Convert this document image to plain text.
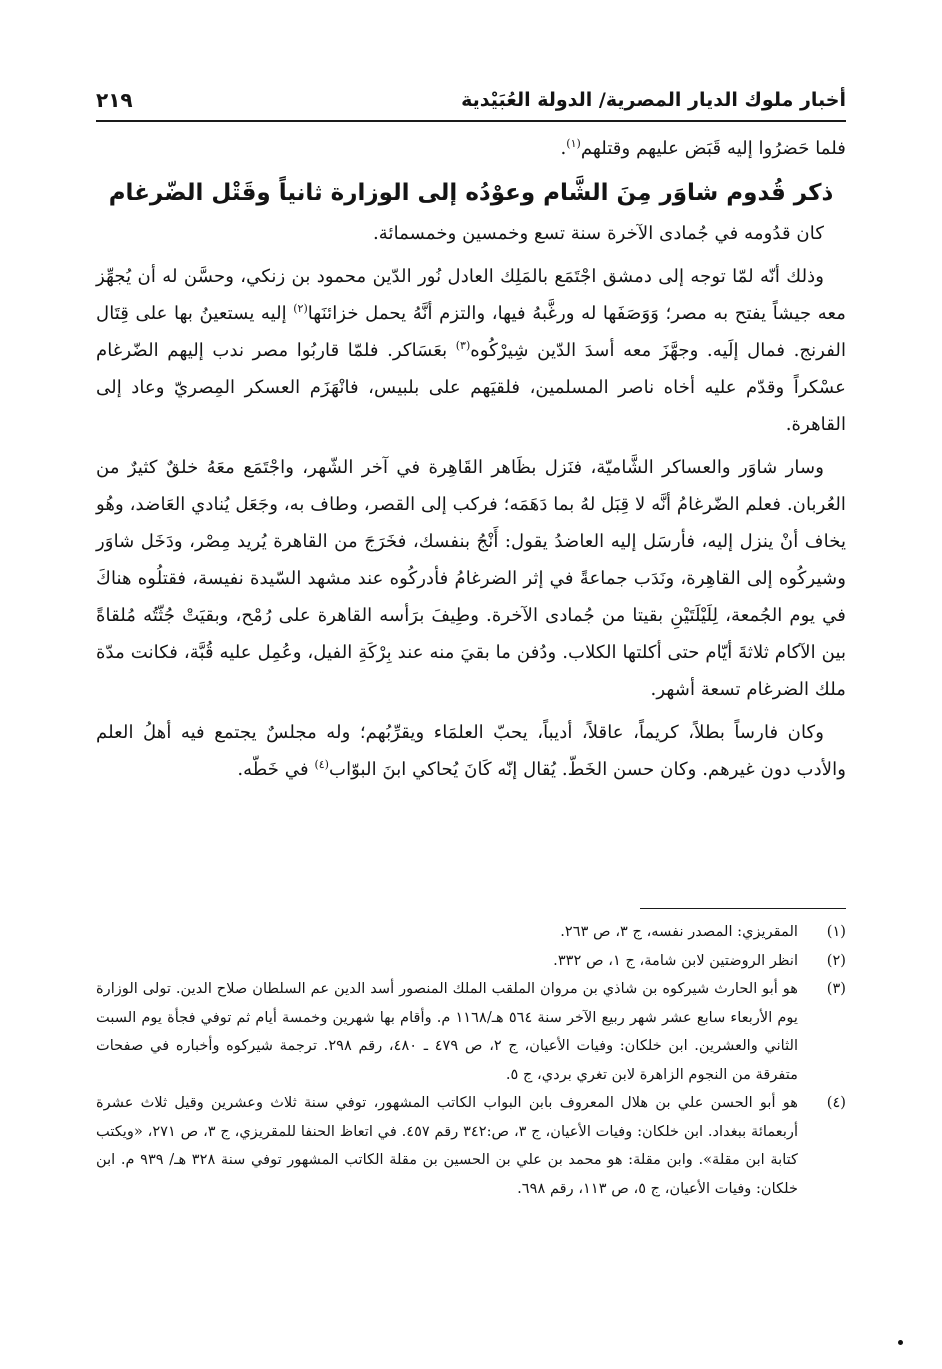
أخبار ملوك الديار المصرية/ الدولة العُبَيْدية
٢١٩

فلما حَضرُوا إليه قَبَض عليهم وقتلهم$^{(١)}$.

ذكر قُدوم شاوَر مِنَ الشَّام وعوْدُه إلى الوزارة ثانياً وقَتْل الضّرغام

كان قدُومه في جُمادى الآخرة سنة تسع وخمسين وخمسمائة.

وذلك أنّه لمّا توجه إلى دمشق اجْتَمَع بالمَلِك العادل نُور الدّين محمود بن زنكي، وحسَّن له أن يُجهِّز معه جيشاً يفتح به مصر؛ وَوَصَفَها له ورغَّبهُ فيها، والتزم أنَّهُ يحمل خزائنَها$^{(٢)}$ إليه يستعينُ بها على قِتَال الفرنج. فمال إلَيه. وجهَّزَ معه أسدَ الدّين شِيرْكُوه$^{(٣)}$ بعَسَاكر. فلمّا قاربُوا مصر ندب إليهم الضّرغام عسْكراً وقدّم عليه أخاه ناصر المسلمين، فلقيَهم على بلبيس، فانْهَزَم العسكر المِصريّ وعاد إلى القاهرة.

وسار شاوَر والعساكر الشَّاميّة، فنَزل بظَاهر القَاهِرة في آخر الشّهر، واجْتَمَع معَهُ خلقٌ كثيرٌ من العُربان. فعلم الضّرغامُ أنَّه لا قِبَل لهُ بما دَهَمَه؛ فركب إلى القصر، وطاف به، وجَعَل يُنادي العَاضد، وهُو يخاف أنْ ينزل إليه، فأرسَل إليه العاضدُ يقول: أَنْجُ بنفسك، فخَرَجَ من القاهرة يُريد مِصْر، ودَخَل شاوَر وشيركُوه إلى القاهِرة، ونَدَب جماعةً في إثر الضرغامُ فأدركُوه عند مشهد السّيدة نفيسة، فقتلُوه هناكَ في يوم الجُمعة، لِلَيْلَتَيْنِ بقيتا من جُمادى الآخرة. وطِيفَ برَأسه القاهرة على رُمْح، وبقيَتْ جُثّتُه مُلقاةً بين الآكام ثلاثةَ أيّام حتى أكلتها الكلاب. ودُفن ما بقيَ منه عند بِرْكَةِ الفيل، وعُمِل عليه قُبَّة، فكانت مدّة ملك الضرغام تسعة أشهر.

وكان فارساً بطلاً، كريماً، عاقلاً، أديباً، يحبّ العلمَاء ويقرِّبُهم؛ وله مجلسٌ يجتمع فيه أهلُ العلم والأدب دون غيرهم. وكان حسن الخَطّ. يُقال إنّه كَانَ يُحاكي ابنَ البوّاب$^{(٤)}$ في خَطّه.

(١)
المقريزي: المصدر نفسه، ج ٣، ص ٢٦٣.
(٢)
انظر الروضتين لابن شامة، ج ١، ص ٣٣٢.
(٣)
هو أبو الحارث شيركوه بن شاذي بن مروان الملقب الملك المنصور أسد الدين عم السلطان صلاح الدين. تولى الوزارة يوم الأربعاء سابع عشر شهر ربيع الآخر سنة ٥٦٤ هـ/١١٦٨ م. وأقام بها شهرين وخمسة أيام ثم توفي فجأة يوم السبت الثاني والعشرين. ابن خلكان: وفيات الأعيان، ج ٢، ص ٤٧٩ ـ ٤٨٠، رقم ٢٩٨. ترجمة شيركوه وأخباره في صفحات متفرقة من النجوم الزاهرة لابن تغري بردي، ج ٥.
(٤)
هو أبو الحسن علي بن هلال المعروف بابن البواب الكاتب المشهور، توفي سنة ثلاث وعشرين وقيل ثلاث عشرة أربعمائة ببغداد. ابن خلكان: وفيات الأعيان، ج ٣، ص:٣٤٢ رقم ٤٥٧. في اتعاظ الحنفا للمقريزي، ج ٣، ص ٢٧١، «ويكتب كتابة ابن مقلة». وابن مقلة: هو محمد بن علي بن الحسين بن مقلة الكاتب المشهور توفي سنة ٣٢٨ هـ/ ٩٣٩ م. ابن خلكان: وفيات الأعيان، ج ٥، ص ١١٣، رقم ٦٩٨.
